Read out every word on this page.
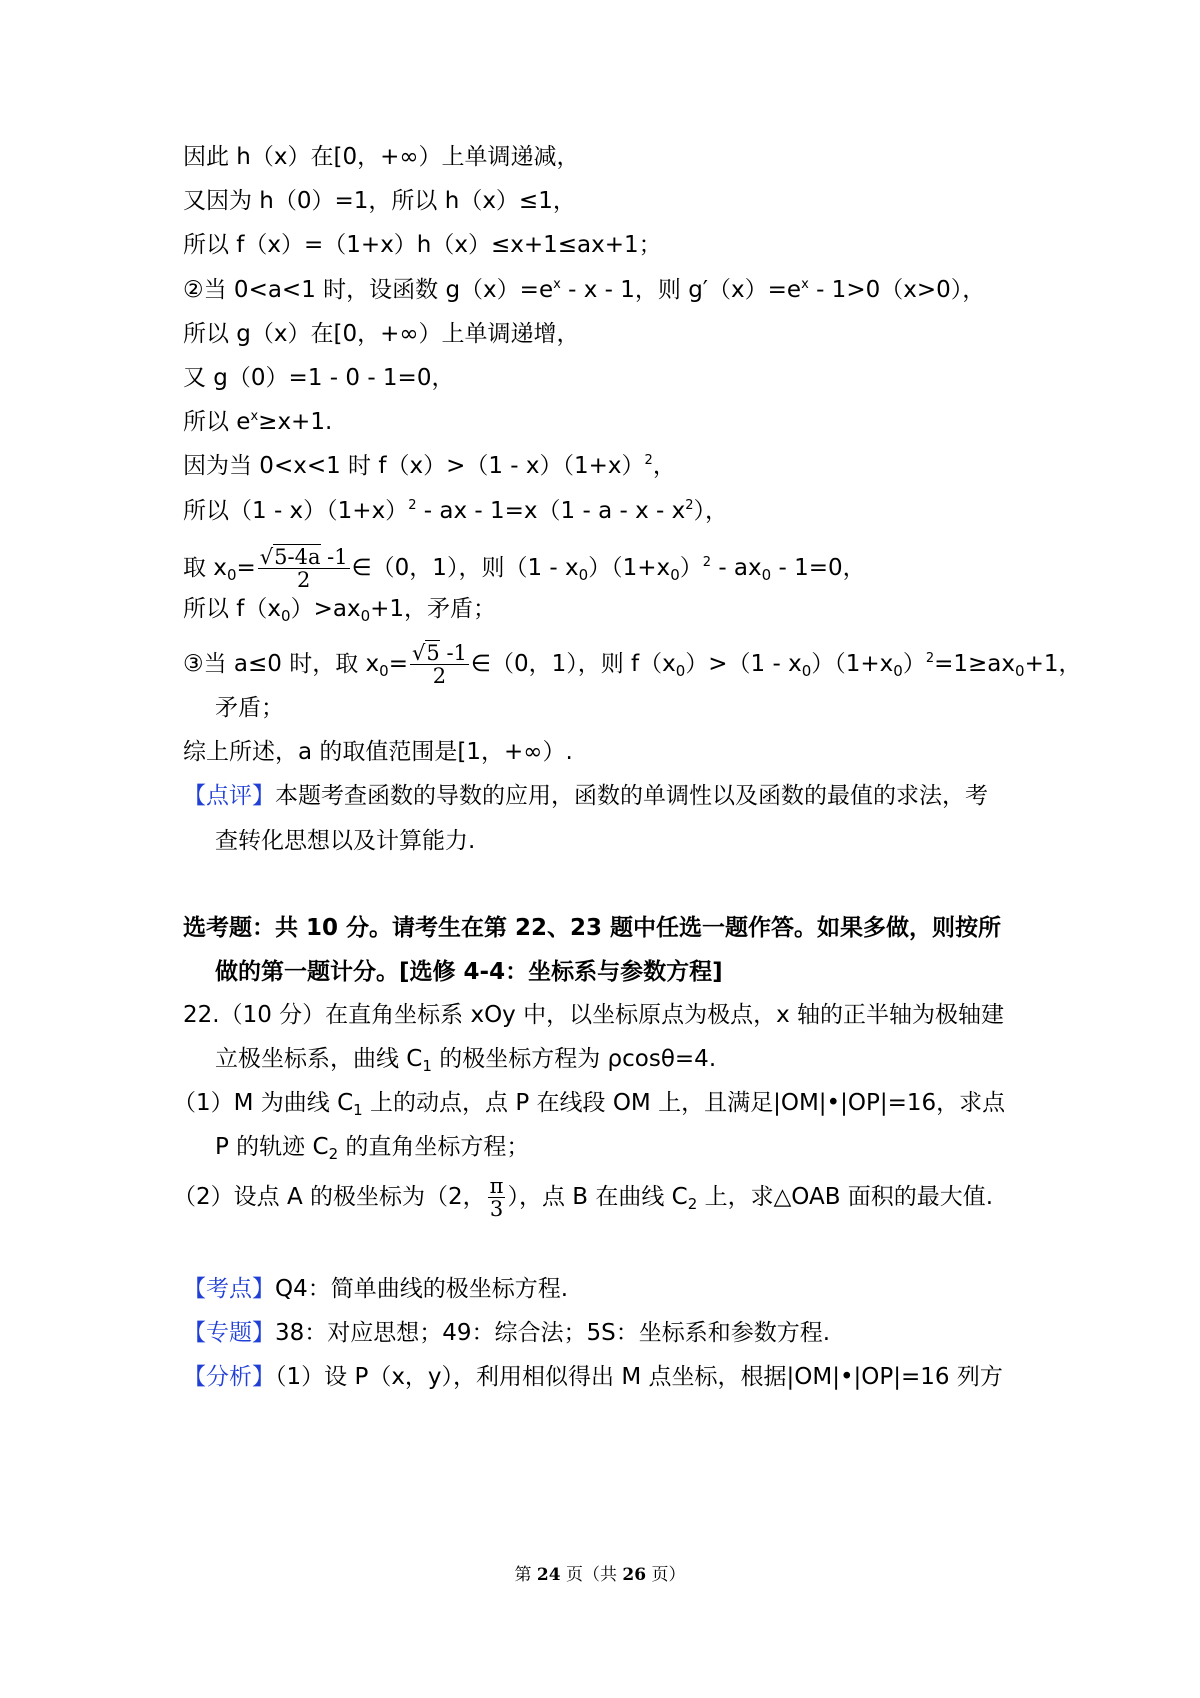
因此 h（x）在[0，+∞）上单调递减，
又因为 h（0）=1，所以 h（x）≤1，
所以 f（x）=（1+x）h（x）≤x+1≤ax+1；
②当 0<a<1 时，设函数 $g(x)=e^x - x - 1$，则 $g'(x)=e^x - 1>0(x>0)$，
所以 g（x）在[0，+∞）上单调递增，
又 g（0）=1 - 0 - 1=0，
所以 $e^x\ge x+1$.
因为当 0<x<1 时 $f(x)>(1 - x)(1+x)^2$，
所以$(1 - x)(1+x)^2$ - ax - $1=x(1 - a - x - x^2)$，
取 $x_0= \frac{√5-4a -1}{2}$ ∈（0，1），则$(1 - x_0)(1+x_0)^2 - ax_0 - 1=0$，
所以 $f(x_0)>ax_0+1$，矛盾；
③当 a≤0 时，取 $x_0= \frac{√5 -1}{2}$ ∈（0，1），则 $f(x_0)>(1 - x_0)(1+x_0)^2=1\ge ax_0+1$，
矛盾；
综上所述，a 的取值范围是[1，+∞）.
【点评】本题考查函数的导数的应用，函数的单调性以及函数的最值的求法，考
查转化思想以及计算能力.
选考题：共 10 分。请考生在第 22、23 题中任选一题作答。如果多做，则按所
做的第一题计分。[选修 4-4：坐标系与参数方程]
22.（10 分）在直角坐标系 xOy 中，以坐标原点为极点，x 轴的正半轴为极轴建
立极坐标系，曲线 $C_1$ 的极坐标方程为 ρcosθ=4.
（1）M 为曲线 $C_1$ 上的动点，点 P 在线段 OM 上，且满足|OM|•|OP|=16，求点
P 的轨迹 $C_2$ 的直角坐标方程；
（2）设点 A 的极坐标为（2， $\frac{\pi}{3}$ ），点 B 在曲线 $C_2$ 上，求△OAB 面积的最大值.
【考点】Q4：简单曲线的极坐标方程.
【专题】38：对应思想；49：综合法；5S：坐标系和参数方程.
【分析】（1）设 P（x，y），利用相似得出 M 点坐标，根据|OM|•|OP|=16 列方
第 24 页（共 26 页）
